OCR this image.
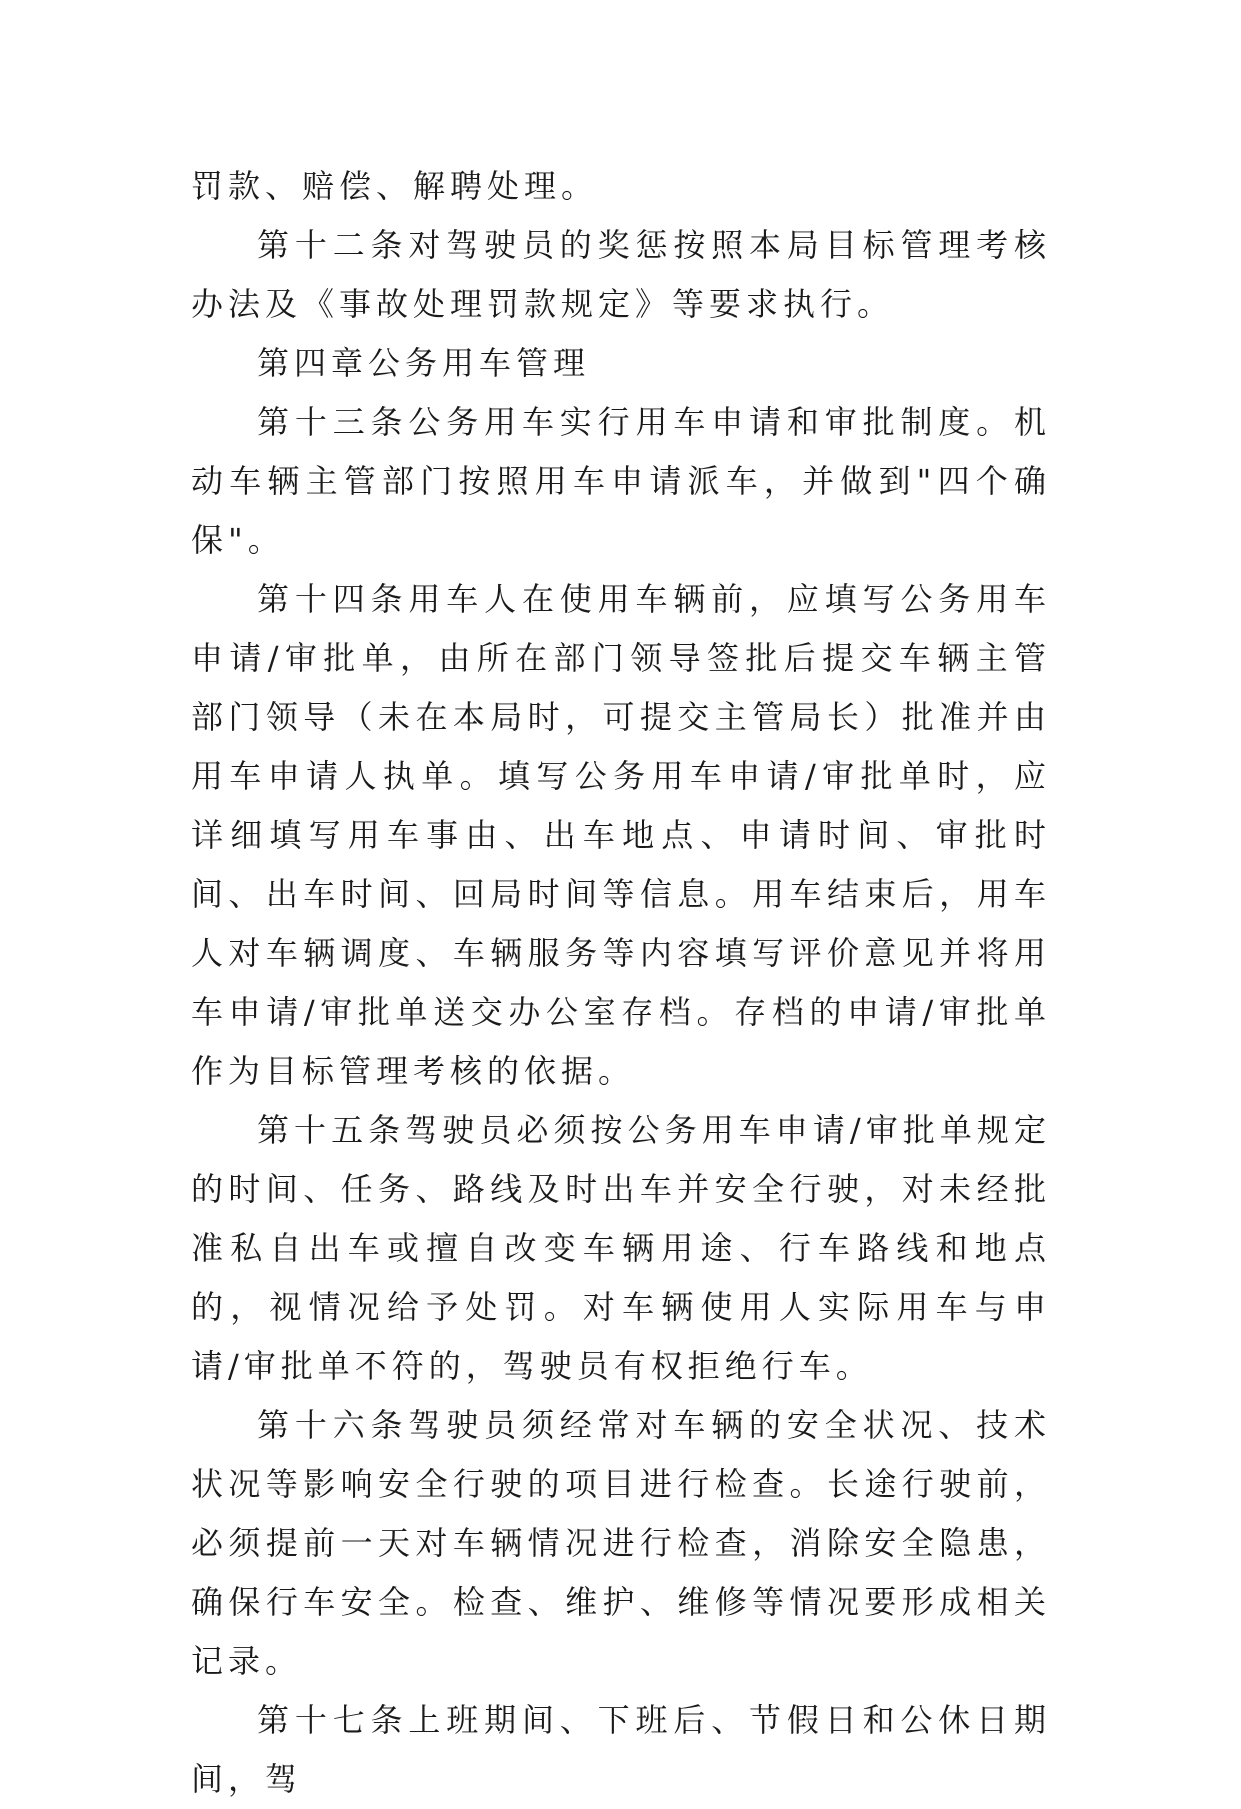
罚款、赔偿、解聘处理。

第十二条对驾驶员的奖惩按照本局目标管理考核办法及《事故处理罚款规定》等要求执行。

第四章公务用车管理

第十三条公务用车实行用车申请和审批制度。机动车辆主管部门按照用车申请派车，并做到"四个确保"。

第十四条用车人在使用车辆前，应填写公务用车申请/审批单，由所在部门领导签批后提交车辆主管部门领导（未在本局时，可提交主管局长）批准并由用车申请人执单。填写公务用车申请/审批单时，应详细填写用车事由、出车地点、申请时间、审批时间、出车时间、回局时间等信息。用车结束后，用车人对车辆调度、车辆服务等内容填写评价意见并将用车申请/审批单送交办公室存档。存档的申请/审批单作为目标管理考核的依据。

第十五条驾驶员必须按公务用车申请/审批单规定的时间、任务、路线及时出车并安全行驶，对未经批准私自出车或擅自改变车辆用途、行车路线和地点的，视情况给予处罚。对车辆使用人实际用车与申请/审批单不符的，驾驶员有权拒绝行车。

第十六条驾驶员须经常对车辆的安全状况、技术状况等影响安全行驶的项目进行检查。长途行驶前，必须提前一天对车辆情况进行检查，消除安全隐患，确保行车安全。检查、维护、维修等情况要形成相关记录。

第十七条上班期间、下班后、节假日和公休日期间，驾
